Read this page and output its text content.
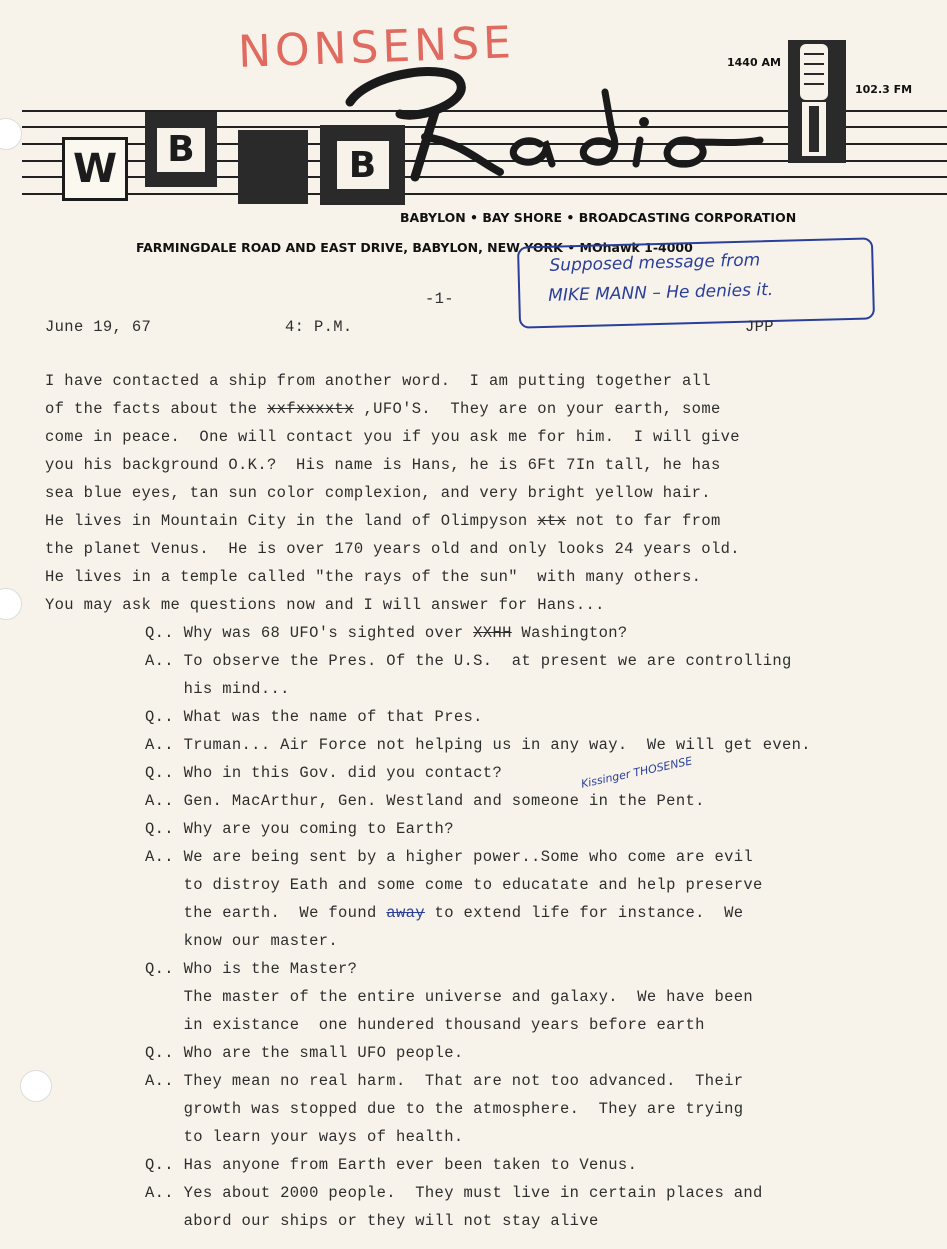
NONSENSE
W B	B
1440 AM
102.3 FM
BABYLON • BAY SHORE • BROADCASTING CORPORATION
FARMINGDALE ROAD AND EAST DRIVE, BABYLON, NEW YORK • MOhawk 1-4000
Supposed message from
MIKE MANN – He denies it.
-1-
June 19, 67	4: P.M.	JPP
I have contacted a ship from another word.  I am putting together all
of the facts about the xxfxxxxtx ,UFO'S.  They are on your earth, some
come in peace.  One will contact you if you ask me for him.  I will give
you his background O.K.?  His name is Hans, he is 6Ft 7In tall, he has
sea blue eyes, tan sun color complexion, and very bright yellow hair.
He lives in Mountain City in the land of Olimpyson xtx not to far from
the planet Venus.  He is over 170 years old and only looks 24 years old.
He lives in a temple called "the rays of the sun"  with many others.
You may ask me questions now and I will answer for Hans...
Q.. Why was 68 UFO's sighted over XXHH Washington?
A.. To observe the Pres. Of the U.S.  at present we are controlling
his mind...
Q.. What was the name of that Pres.
A.. Truman... Air Force not helping us in any way.  We will get even.
Q.. Who in this Gov. did you contact?
A.. Gen. MacArthur, Gen. Westland and someone in the Pent.
Q.. Why are you coming to Earth?
A.. We are being sent by a higher power..Some who come are evil
to distroy Eath and some come to educatate and help preserve
the earth.  We found away to extend life for instance.  We
know our master.
Q.. Who is the Master?
The master of the entire universe and galaxy.  We have been
in existance  one hundered thousand years before earth
Q.. Who are the small UFO people.
A.. They mean no real harm.  That are not too advanced.  Their
growth was stopped due to the atmosphere.  They are trying
to learn your ways of health.
Q.. Has anyone from Earth ever been taken to Venus.
A.. Yes about 2000 people.  They must live in certain places and
abord our ships or they will not stay alive
Kissinger THOSENSE
